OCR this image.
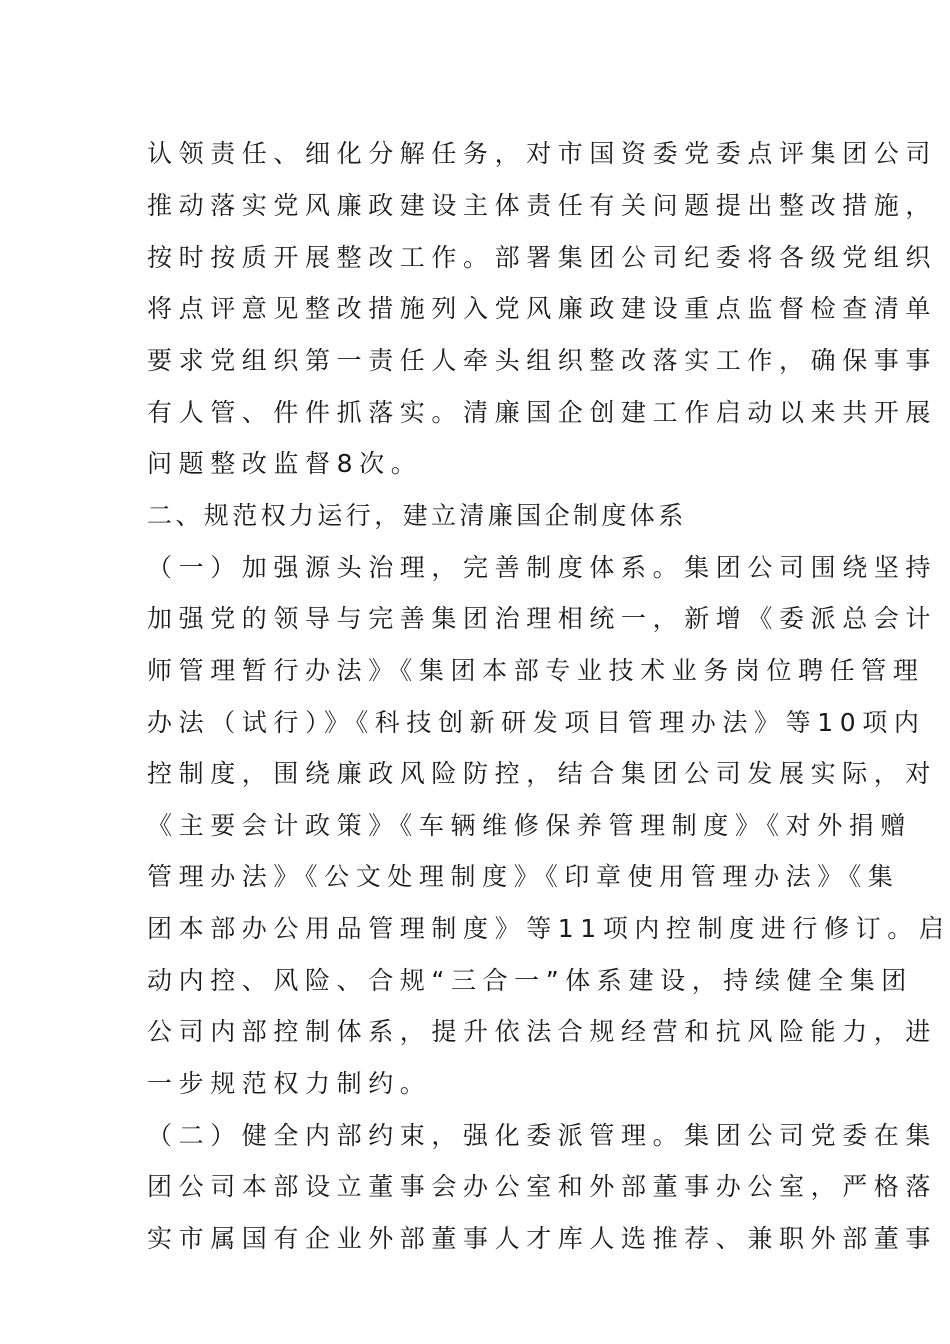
认领责任、细化分解任务，对市国资委党委点评集团公司
推动落实党风廉政建设主体责任有关问题提出整改措施，
按时按质开展整改工作。部署集团公司纪委将各级党组织
将点评意见整改措施列入党风廉政建设重点监督检查清单
要求党组织第一责任人牵头组织整改落实工作，确保事事
有人管、件件抓落实。清廉国企创建工作启动以来共开展
问题整改监督8次。
二、规范权力运行，建立清廉国企制度体系
（一）加强源头治理，完善制度体系。集团公司围绕坚持
加强党的领导与完善集团治理相统一，新增《委派总会计
师管理暂行办法》《集团本部专业技术业务岗位聘任管理
办法（试行）》《科技创新研发项目管理办法》等10项内
控制度，围绕廉政风险防控，结合集团公司发展实际，对
《主要会计政策》《车辆维修保养管理制度》《对外捐赠
管理办法》《公文处理制度》《印章使用管理办法》《集
团本部办公用品管理制度》等11项内控制度进行修订。启
动内控、风险、合规“三合一”体系建设，持续健全集团
公司内部控制体系，提升依法合规经营和抗风险能力，进
一步规范权力制约。
（二）健全内部约束，强化委派管理。集团公司党委在集
团公司本部设立董事会办公室和外部董事办公室，严格落
实市属国有企业外部董事人才库人选推荐、兼职外部董事
